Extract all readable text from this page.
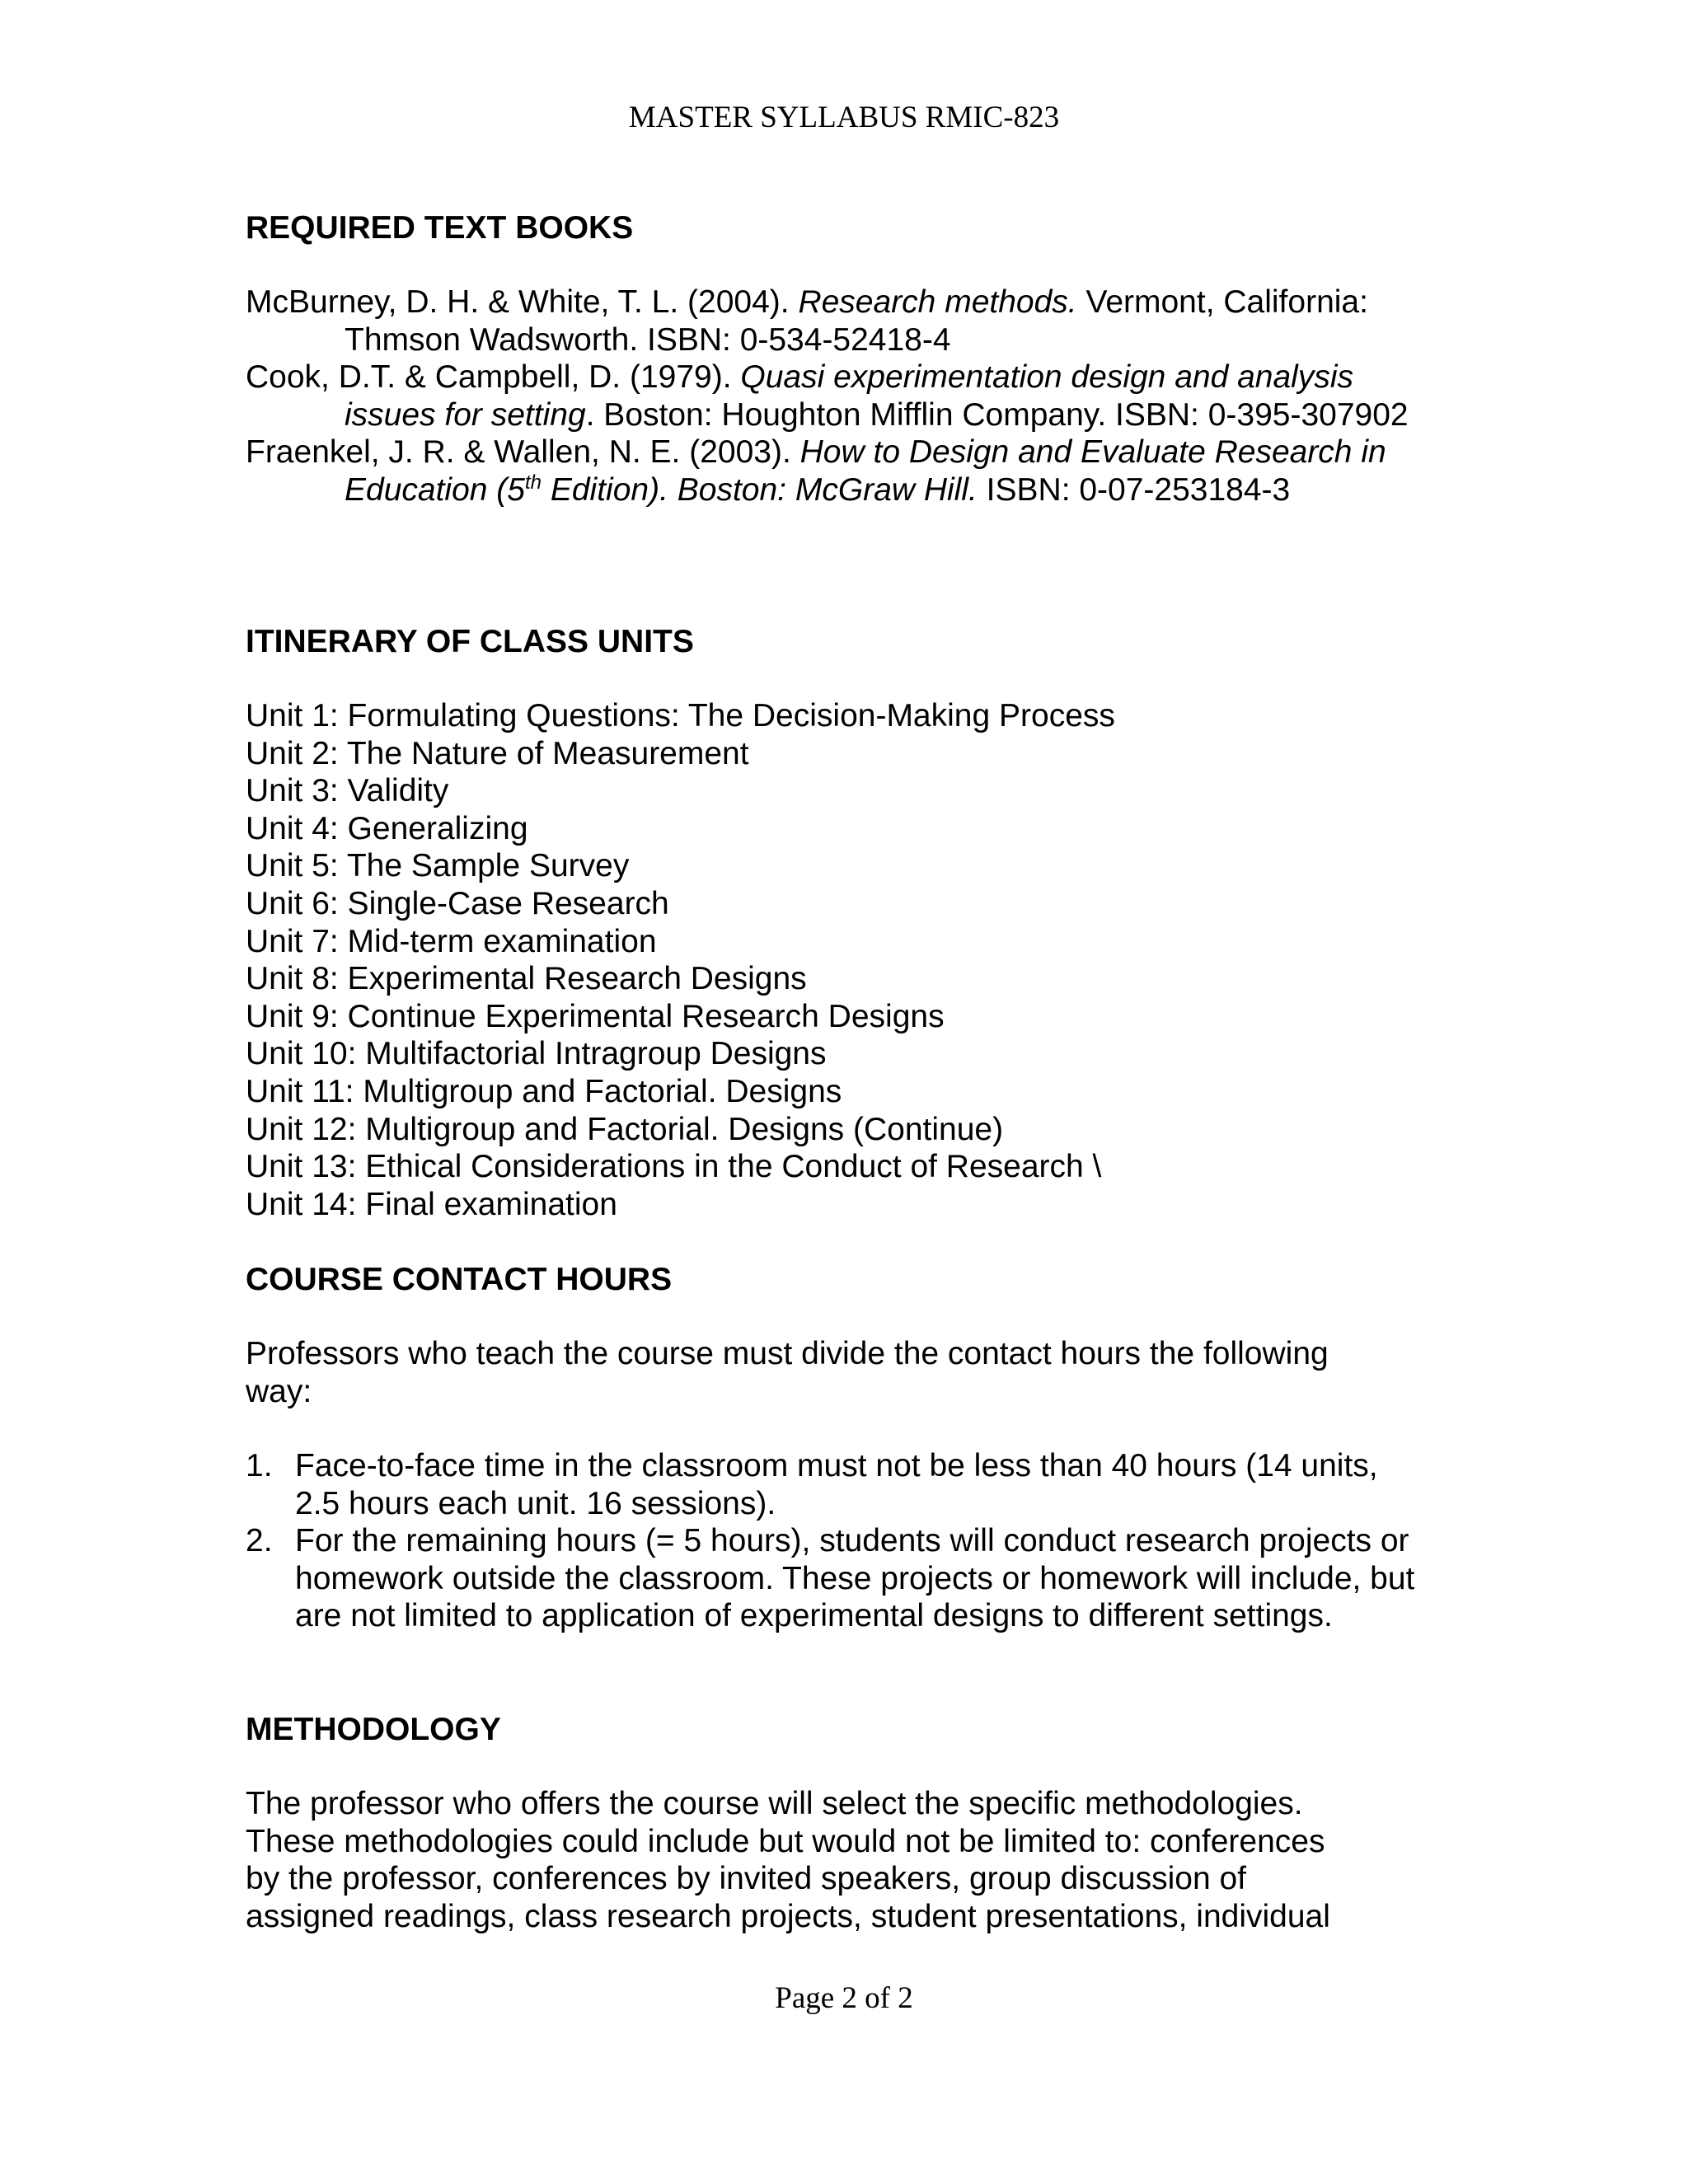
MASTER SYLLABUS RMIC-823
REQUIRED TEXT BOOKS
McBurney, D. H. & White, T. L. (2004). Research methods. Vermont, California: Thmson Wadsworth. ISBN: 0-534-52418-4
Cook, D.T. & Campbell, D. (1979). Quasi experimentation design and analysis issues for setting. Boston: Houghton Mifflin Company. ISBN: 0-395-307902
Fraenkel, J. R. & Wallen, N. E. (2003). How to Design and Evaluate Research in Education (5th Edition). Boston: McGraw Hill. ISBN: 0-07-253184-3
ITINERARY OF CLASS UNITS
Unit 1: Formulating Questions: The Decision-Making Process
Unit 2: The Nature of Measurement
Unit 3: Validity
Unit 4: Generalizing
Unit 5: The Sample Survey
Unit 6: Single-Case Research
Unit 7: Mid-term examination
Unit 8: Experimental Research Designs
Unit 9: Continue Experimental Research Designs
Unit 10: Multifactorial Intragroup Designs
Unit 11: Multigroup and Factorial. Designs
Unit 12: Multigroup and Factorial. Designs (Continue)
Unit 13: Ethical Considerations in the Conduct of Research \
Unit 14: Final examination
COURSE CONTACT HOURS
Professors who teach the course must divide the contact hours the following way:
1. Face-to-face time in the classroom must not be less than 40 hours (14 units, 2.5 hours each unit. 16 sessions).
2. For the remaining hours (= 5 hours), students will conduct research projects or homework outside the classroom. These projects or homework will include, but are not limited to application of experimental designs to different settings.
METHODOLOGY
The professor who offers the course will select the specific methodologies.
These methodologies could include but would not be limited to: conferences
by the professor, conferences by invited speakers, group discussion of
assigned readings, class research projects, student presentations, individual
Page 2 of 2
